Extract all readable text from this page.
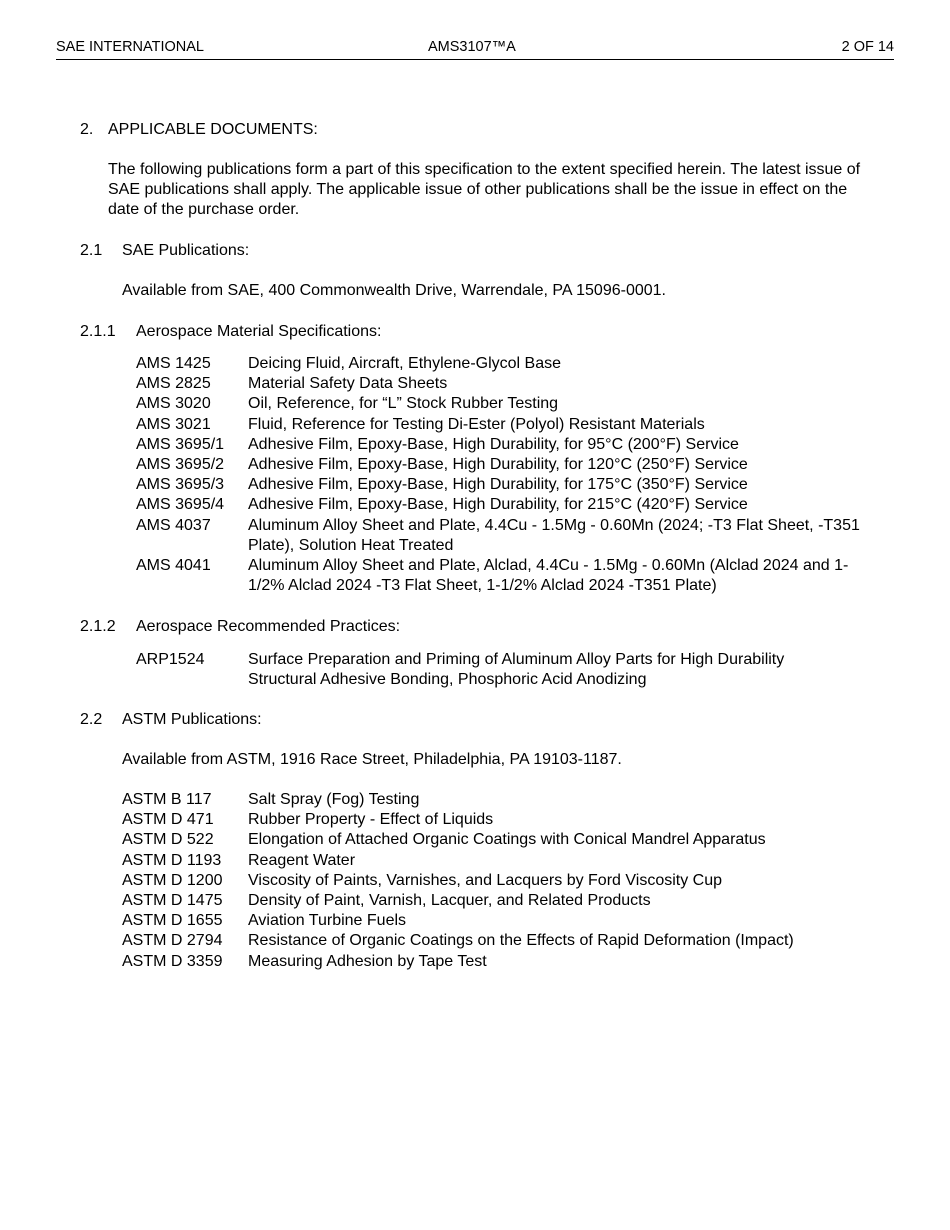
SAE INTERNATIONAL	AMS3107™A	2 OF 14
2. APPLICABLE DOCUMENTS:
The following publications form a part of this specification to the extent specified herein. The latest issue of SAE publications shall apply. The applicable issue of other publications shall be the issue in effect on the date of the purchase order.
2.1 SAE Publications:
Available from SAE, 400 Commonwealth Drive, Warrendale, PA 15096-0001.
2.1.1 Aerospace Material Specifications:
AMS 1425 Deicing Fluid, Aircraft, Ethylene-Glycol Base
AMS 2825 Material Safety Data Sheets
AMS 3020 Oil, Reference, for “L” Stock Rubber Testing
AMS 3021 Fluid, Reference for Testing Di-Ester (Polyol) Resistant Materials
AMS 3695/1 Adhesive Film, Epoxy-Base, High Durability, for 95°C (200°F) Service
AMS 3695/2 Adhesive Film, Epoxy-Base, High Durability, for 120°C (250°F) Service
AMS 3695/3 Adhesive Film, Epoxy-Base, High Durability, for 175°C (350°F) Service
AMS 3695/4 Adhesive Film, Epoxy-Base, High Durability, for 215°C (420°F) Service
AMS 4037 Aluminum Alloy Sheet and Plate, 4.4Cu - 1.5Mg - 0.60Mn (2024; -T3 Flat Sheet, -T351 Plate), Solution Heat Treated
AMS 4041 Aluminum Alloy Sheet and Plate, Alclad, 4.4Cu - 1.5Mg - 0.60Mn (Alclad 2024 and 1-1/2% Alclad 2024 -T3 Flat Sheet, 1-1/2% Alclad 2024 -T351 Plate)
2.1.2 Aerospace Recommended Practices:
ARP1524	Surface Preparation and Priming of Aluminum Alloy Parts for High Durability Structural Adhesive Bonding, Phosphoric Acid Anodizing
2.2 ASTM Publications:
Available from ASTM, 1916 Race Street, Philadelphia, PA 19103-1187.
ASTM B 117 Salt Spray (Fog) Testing
ASTM D 471 Rubber Property - Effect of Liquids
ASTM D 522 Elongation of Attached Organic Coatings with Conical Mandrel Apparatus
ASTM D 1193 Reagent Water
ASTM D 1200 Viscosity of Paints, Varnishes, and Lacquers by Ford Viscosity Cup
ASTM D 1475 Density of Paint, Varnish, Lacquer, and Related Products
ASTM D 1655 Aviation Turbine Fuels
ASTM D 2794 Resistance of Organic Coatings on the Effects of Rapid Deformation (Impact)
ASTM D 3359 Measuring Adhesion by Tape Test
